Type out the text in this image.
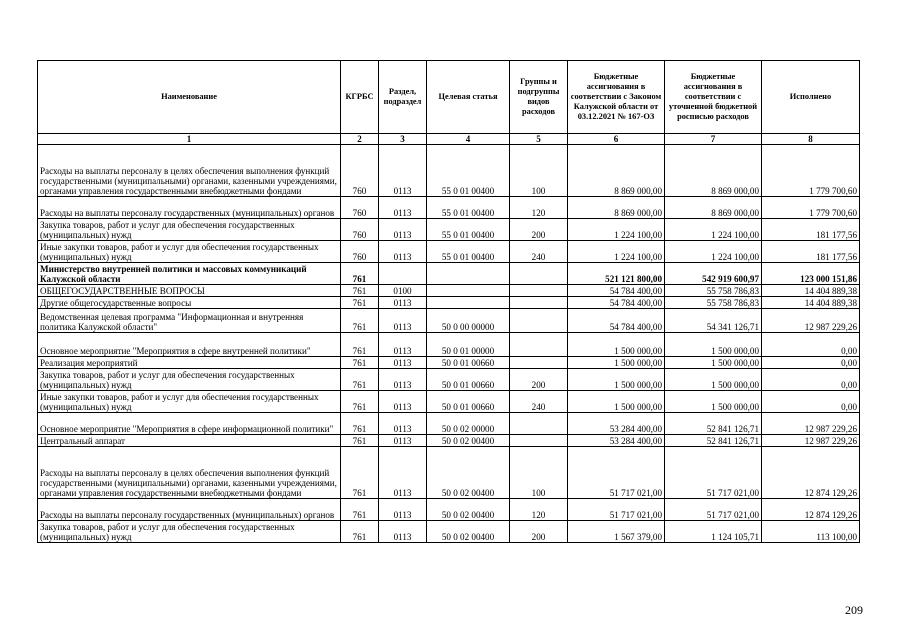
Наименование	КГРБС	Раздел, подраздел	Целевая статья	Группы и подгруппы видов расходов	Бюджетные ассигнования в соответствии с Законом Калужской области от 03.12.2021 № 167-ОЗ	Бюджетные ассигнования в соответствии с уточненной бюджетной росписью расходов	Исполнено
1	2	3	4	5	6	7	8
Расходы на выплаты персоналу в целях обеспечения выполнения функций государственными (муниципальными) органами, казенными учреждениями, органами управления государственными внебюджетными фондами	760	0113	55 0 01 00400	100	8 869 000,00	8 869 000,00	1 779 700,60
Расходы на выплаты персоналу государственных (муниципальных) органов	760	0113	55 0 01 00400	120	8 869 000,00	8 869 000,00	1 779 700,60
Закупка товаров, работ и услуг для обеспечения государственных (муниципальных) нужд	760	0113	55 0 01 00400	200	1 224 100,00	1 224 100,00	181 177,56
Иные закупки товаров, работ и услуг для обеспечения государственных (муниципальных) нужд	760	0113	55 0 01 00400	240	1 224 100,00	1 224 100,00	181 177,56
Министерство внутренней политики и массовых коммуникаций Калужской области	761				521 121 800,00	542 919 600,97	123 000 151,86
ОБЩЕГОСУДАРСТВЕННЫЕ ВОПРОСЫ	761	0100			54 784 400,00	55 758 786,83	14 404 889,38
Другие общегосударственные вопросы	761	0113			54 784 400,00	55 758 786,83	14 404 889,38
Ведомственная целевая программа "Информационная и внутренняя политика Калужской области"	761	0113	50 0 00 00000		54 784 400,00	54 341 126,71	12 987 229,26
Основное мероприятие "Мероприятия в сфере внутренней политики"	761	0113	50 0 01 00000		1 500 000,00	1 500 000,00	0,00
Реализация мероприятий	761	0113	50 0 01 00660		1 500 000,00	1 500 000,00	0,00
Закупка товаров, работ и услуг для обеспечения государственных (муниципальных) нужд	761	0113	50 0 01 00660	200	1 500 000,00	1 500 000,00	0,00
Иные закупки товаров, работ и услуг для обеспечения государственных (муниципальных) нужд	761	0113	50 0 01 00660	240	1 500 000,00	1 500 000,00	0,00
Основное мероприятие "Мероприятия в сфере информационной политики"	761	0113	50 0 02 00000		53 284 400,00	52 841 126,71	12 987 229,26
Центральный аппарат	761	0113	50 0 02 00400		53 284 400,00	52 841 126,71	12 987 229,26
Расходы на выплаты персоналу в целях обеспечения выполнения функций государственными (муниципальными) органами, казенными учреждениями, органами управления государственными внебюджетными фондами	761	0113	50 0 02 00400	100	51 717 021,00	51 717 021,00	12 874 129,26
Расходы на выплаты персоналу государственных (муниципальных) органов	761	0113	50 0 02 00400	120	51 717 021,00	51 717 021,00	12 874 129,26
Закупка товаров, работ и услуг для обеспечения государственных (муниципальных) нужд	761	0113	50 0 02 00400	200	1 567 379,00	1 124 105,71	113 100,00
209
